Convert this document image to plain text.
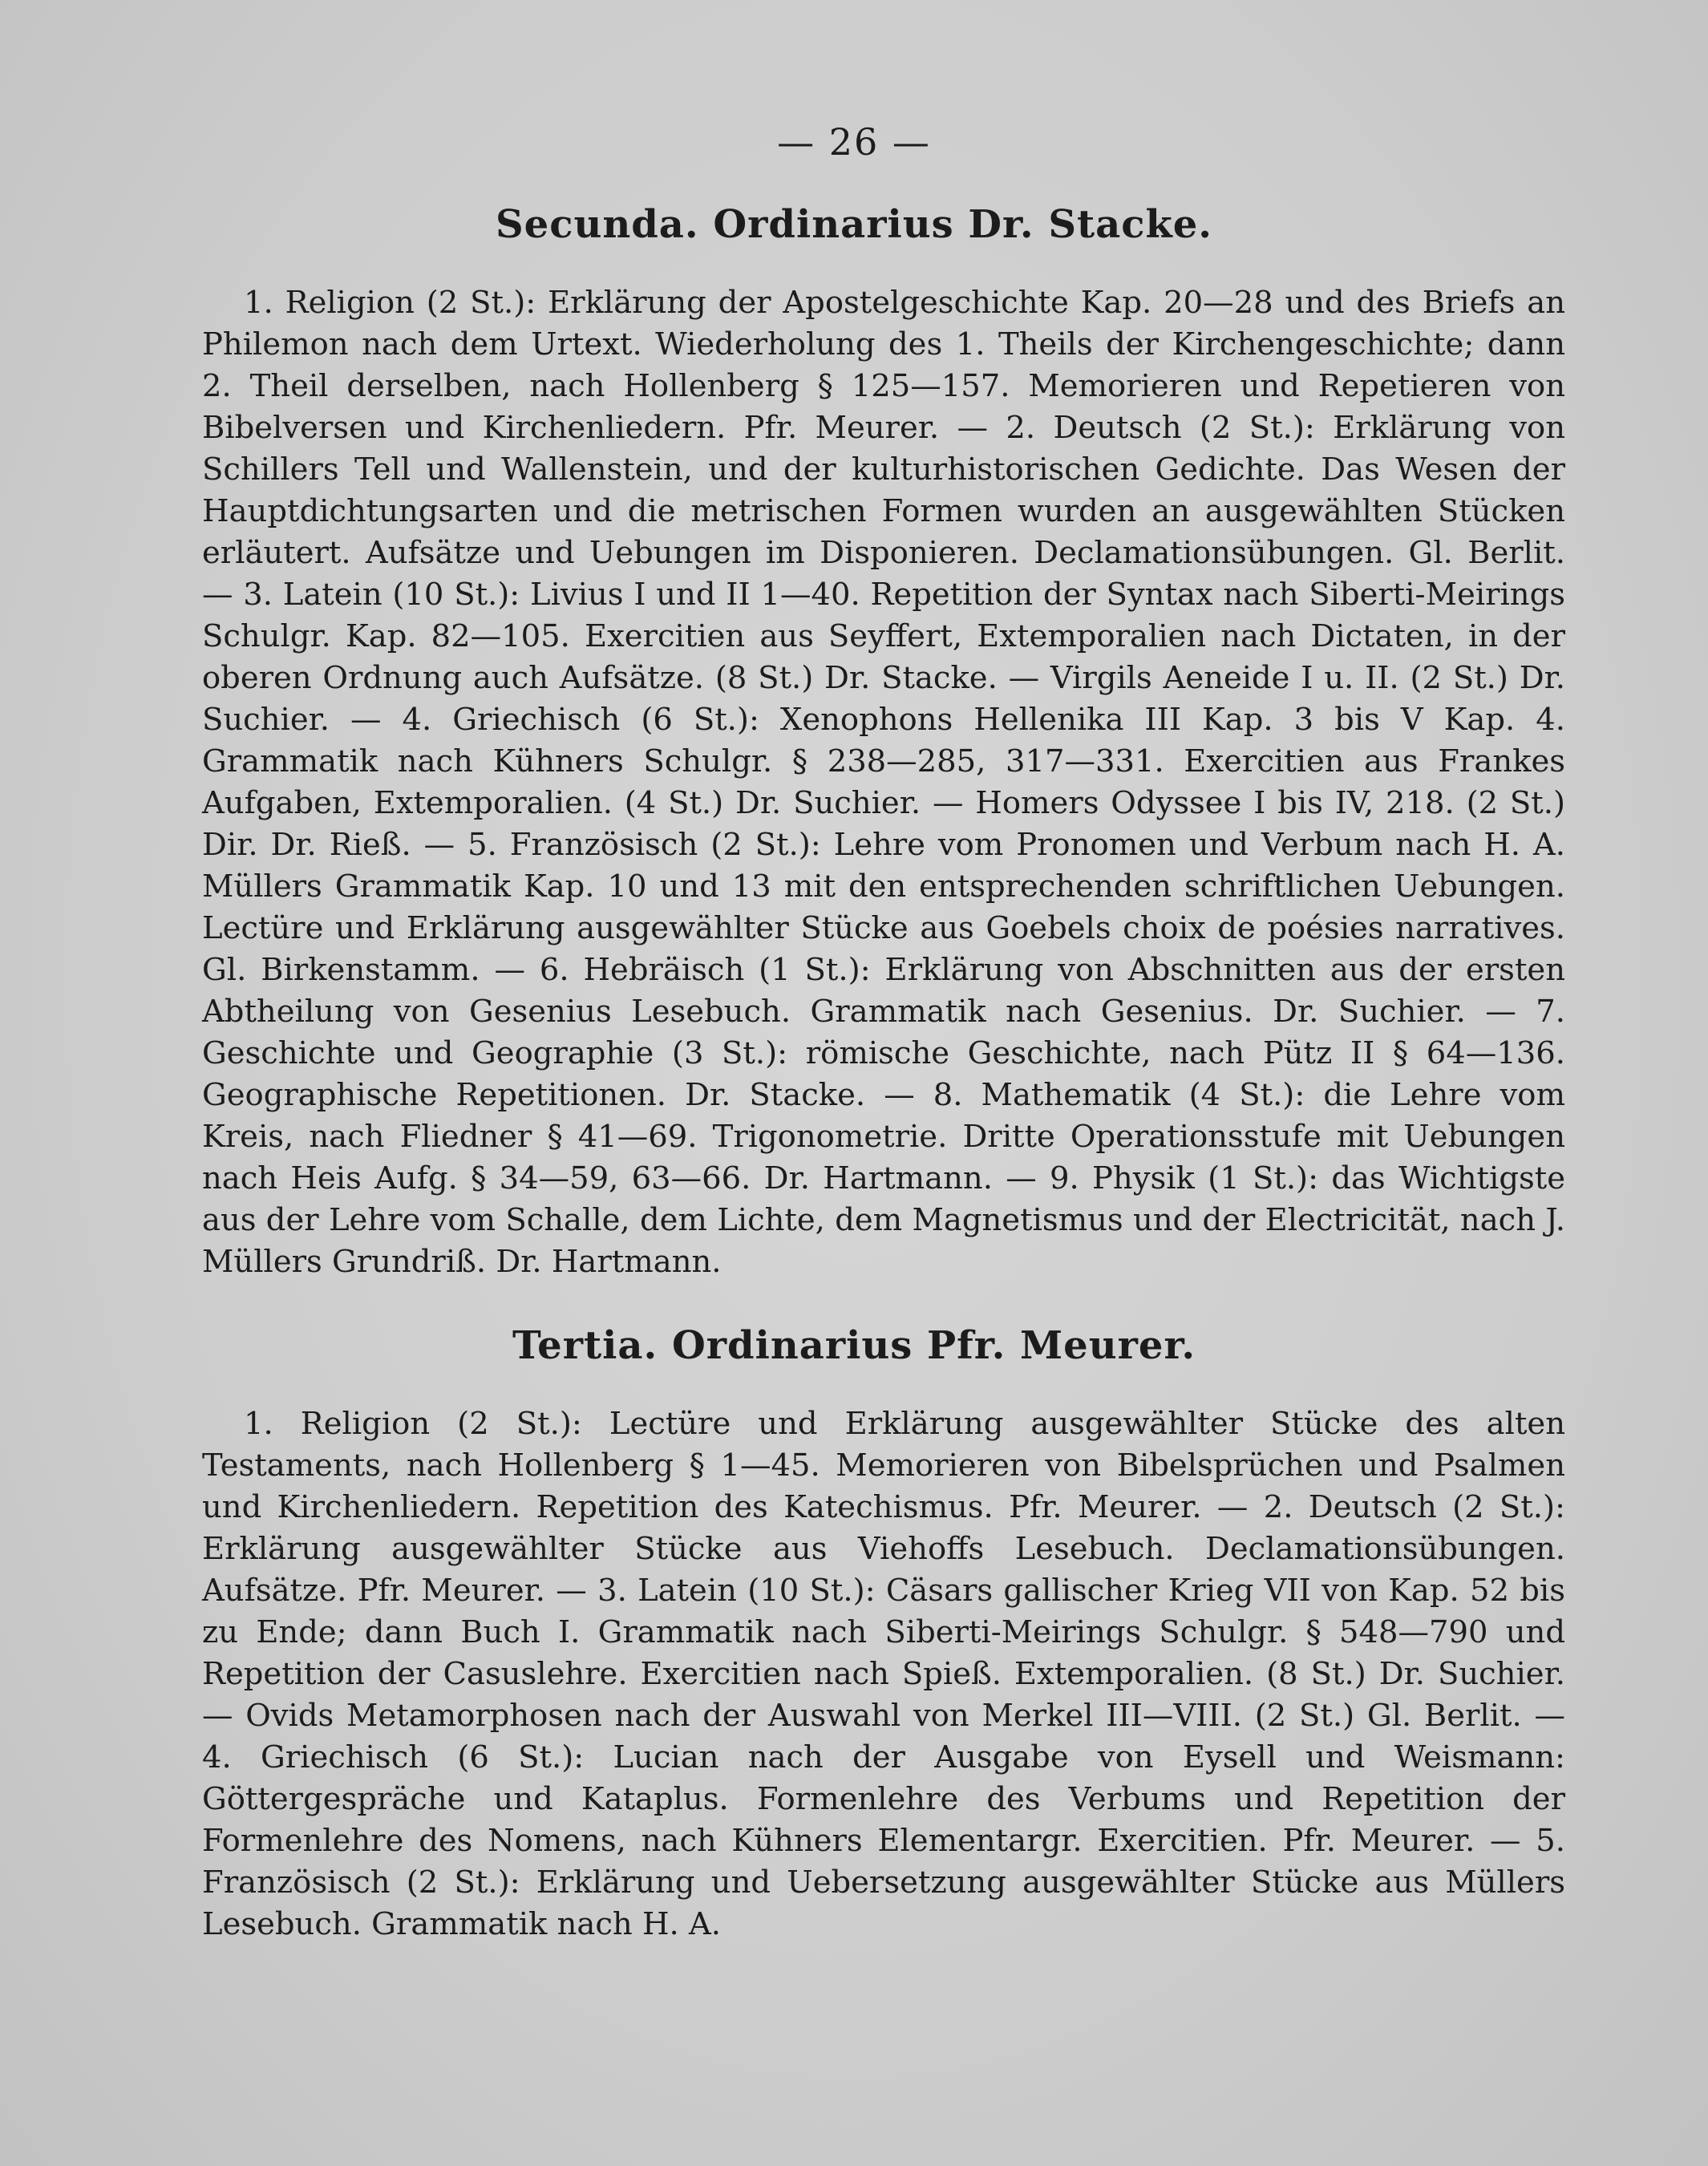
— 26 —
Secunda. Ordinarius Dr. Stacke.

1. Religion (2 St.): Erklärung der Apostelgeschichte Kap. 20—28 und des Briefs an Philemon nach dem Urtext. Wiederholung des 1. Theils der Kirchengeschichte; dann 2. Theil derselben, nach Hollenberg § 125—157. Memorieren und Repetieren von Bibelversen und Kirchenliedern. Pfr. Meurer. — 2. Deutsch (2 St.): Erklärung von Schillers Tell und Wallenstein, und der kulturhistorischen Gedichte. Das Wesen der Hauptdichtungsarten und die metrischen Formen wurden an ausgewählten Stücken erläutert. Aufsätze und Uebungen im Disponieren. Declamationsübungen. Gl. Berlit. — 3. Latein (10 St.): Livius I und II 1—40. Repetition der Syntax nach Siberti-Meirings Schulgr. Kap. 82—105. Exercitien aus Seyffert, Extemporalien nach Dictaten, in der oberen Ordnung auch Aufsätze. (8 St.) Dr. Stacke. — Virgils Aeneide I u. II. (2 St.) Dr. Suchier. — 4. Griechisch (6 St.): Xenophons Hellenika III Kap. 3 bis V Kap. 4. Grammatik nach Kühners Schulgr. § 238—285, 317—331. Exercitien aus Frankes Aufgaben, Extemporalien. (4 St.) Dr. Suchier. — Homers Odyssee I bis IV, 218. (2 St.) Dir. Dr. Rieß. — 5. Französisch (2 St.): Lehre vom Pronomen und Verbum nach H. A. Müllers Grammatik Kap. 10 und 13 mit den entsprechenden schriftlichen Uebungen. Lectüre und Erklärung ausgewählter Stücke aus Goebels choix de poésies narratives. Gl. Birkenstamm. — 6. Hebräisch (1 St.): Erklärung von Abschnitten aus der ersten Abtheilung von Gesenius Lesebuch. Grammatik nach Gesenius. Dr. Suchier. — 7. Geschichte und Geographie (3 St.): römische Geschichte, nach Pütz II § 64—136. Geographische Repetitionen. Dr. Stacke. — 8. Mathematik (4 St.): die Lehre vom Kreis, nach Fliedner § 41—69. Trigonometrie. Dritte Operationsstufe mit Uebungen nach Heis Aufg. § 34—59, 63—66. Dr. Hartmann. — 9. Physik (1 St.): das Wichtigste aus der Lehre vom Schalle, dem Lichte, dem Magnetismus und der Electricität, nach J. Müllers Grundriß. Dr. Hartmann.

Tertia. Ordinarius Pfr. Meurer.

1. Religion (2 St.): Lectüre und Erklärung ausgewählter Stücke des alten Testaments, nach Hollenberg § 1—45. Memorieren von Bibelsprüchen und Psalmen und Kirchenliedern. Repetition des Katechismus. Pfr. Meurer. — 2. Deutsch (2 St.): Erklärung ausgewählter Stücke aus Viehoffs Lesebuch. Declamationsübungen. Aufsätze. Pfr. Meurer. — 3. Latein (10 St.): Cäsars gallischer Krieg VII von Kap. 52 bis zu Ende; dann Buch I. Grammatik nach Siberti-Meirings Schulgr. § 548—790 und Repetition der Casuslehre. Exercitien nach Spieß. Extemporalien. (8 St.) Dr. Suchier. — Ovids Metamorphosen nach der Auswahl von Merkel III—VIII. (2 St.) Gl. Berlit. — 4. Griechisch (6 St.): Lucian nach der Ausgabe von Eysell und Weismann: Göttergespräche und Kataplus. Formenlehre des Verbums und Repetition der Formenlehre des Nomens, nach Kühners Elementargr. Exercitien. Pfr. Meurer. — 5. Französisch (2 St.): Erklärung und Uebersetzung ausgewählter Stücke aus Müllers Lesebuch. Grammatik nach H. A.
